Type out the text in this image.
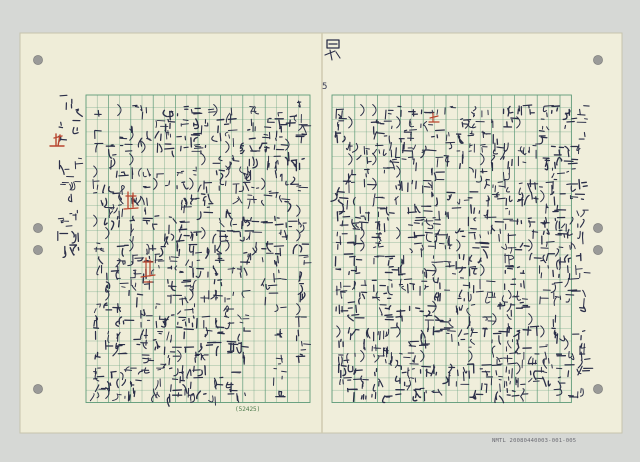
5
(52425)
NMTL 20080440003-001-005
